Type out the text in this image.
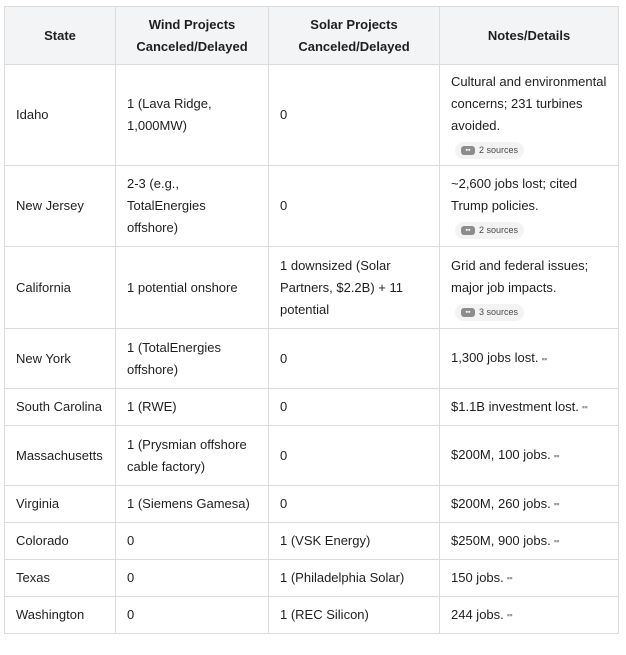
State	Wind Projects Canceled/Delayed	Solar Projects Canceled/Delayed	Notes/Details
Idaho	1 (Lava Ridge, 1,000MW)	0	Cultural and environmental concerns; 231 turbines avoided.

▪▪ 2 sources

New Jersey	2-3 (e.g., TotalEnergies offshore)	0	~2,600 jobs lost; cited Trump policies.

▪▪ 2 sources

California	1 potential onshore	1 downsized (Solar Partners, $2.2B) + 11 potential	Grid and federal issues; major job impacts.

▪▪ 3 sources

New York	1 (TotalEnergies offshore)	0	1,300 jobs lost. ▪▪
South Carolina	1 (RWE)	0	$1.1B investment lost. ▪▪
Massachusetts	1 (Prysmian offshore cable factory)	0	$200M, 100 jobs. ▪▪
Virginia	1 (Siemens Gamesa)	0	$200M, 260 jobs. ▪▪
Colorado	0	1 (VSK Energy)	$250M, 900 jobs. ▪▪
Texas	0	1 (Philadelphia Solar)	150 jobs. ▪▪
Washington	0	1 (REC Silicon)	244 jobs. ▪▪
